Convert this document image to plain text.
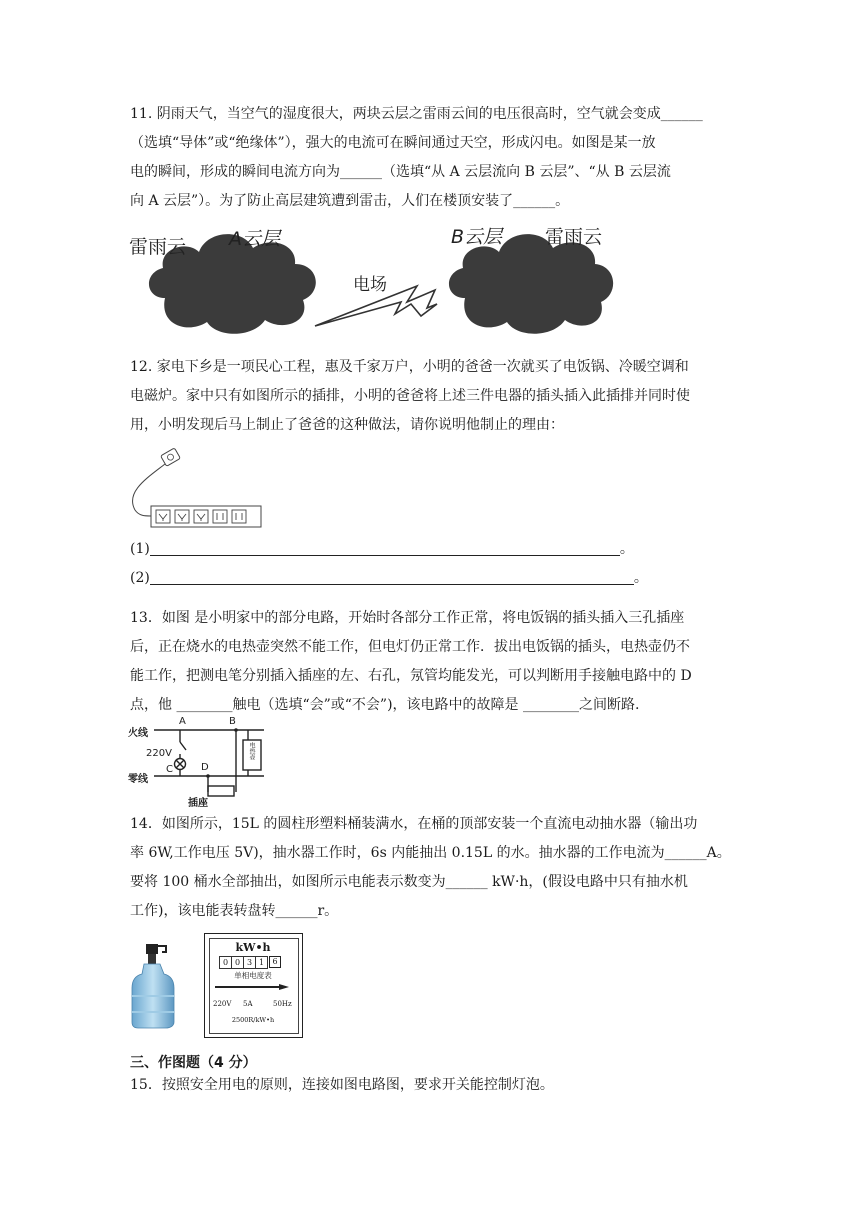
11. 阴雨天气，当空气的湿度很大，两块云层之雷雨云间的电压很高时，空气就会变成______
（选填“导体”或“绝缘体”），强大的电流可在瞬间通过天空，形成闪电。如图是某一放
电的瞬间，形成的瞬间电流方向为______（选填“从 A 云层流向 B 云层”、“从 B 云层流
向 A 云层”）。为了防止高层建筑遭到雷击，人们在楼顶安装了______。
雷雨云 A云层
电场
B云层 雷雨云
12. 家电下乡是一项民心工程，惠及千家万户，小明的爸爸一次就买了电饭锅、冷暖空调和
电磁炉。家中只有如图所示的插排，小明的爸爸将上述三件电器的插头插入此插排并同时使
用，小明发现后马上制止了爸爸的这种做法，请你说明他制止的理由：
(1)	。
(2)	。
13．如图 是小明家中的部分电路，开始时各部分工作正常，将电饭锅的插头插入三孔插座
后，正在烧水的电热壶突然不能工作，但电灯仍正常工作．拔出电饭锅的插头，电热壶仍不
能工作，把测电笔分别插入插座的左、右孔，氖管均能发光，可以判断用手接触电路中的 D
点，他 ________触电（选填“会”或“不会”)，该电路中的故障是 ________之间断路.
火线
零线
220V
A	B
C	D
插座
电热壶
14．如图所示，15L 的圆柱形塑料桶装满水，在桶的顶部安装一个直流电动抽水器（输出功
率 6W,工作电压 5V)，抽水器工作时，6s 内能抽出 0.15L 的水。抽水器的工作电流为______A。
要将 100 桶水全部抽出，如图所示电能表示数变为______ kW·h，(假设电路中只有抽水机
工作)，该电能表转盘转______r。
kW•h
0 0 3 1	6
单相电度表
220V 5A	50Hz
2500R/kW•h
三、作图题（4 分）
15．按照安全用电的原则，连接如图电路图，要求开关能控制灯泡。
